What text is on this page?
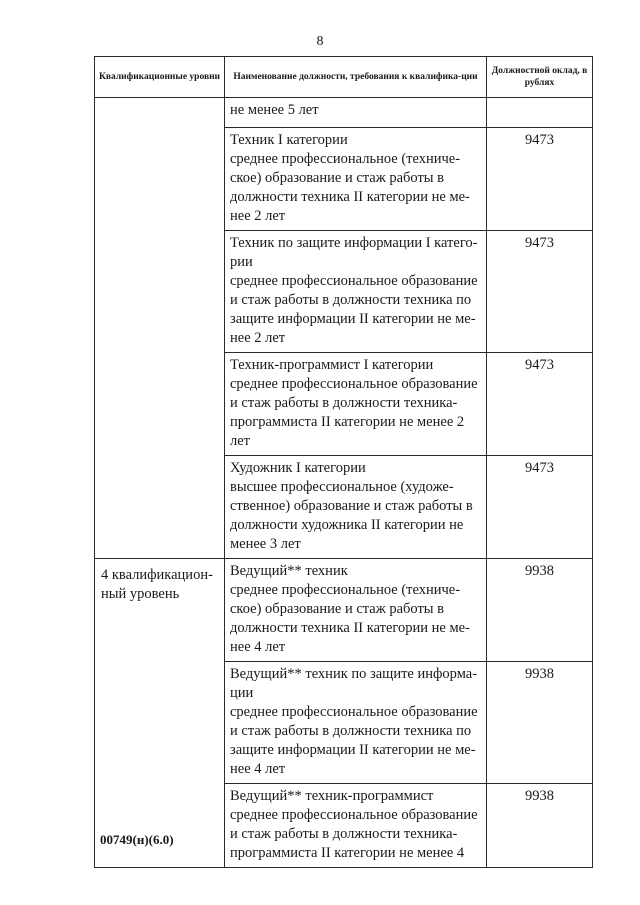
8
Квалификационные уровни	Наименование должности, требования к квалифика-ции	Должностной оклад, в рублях
	не менее 5 лет	
	Техник I категории
среднее профессиональное (техниче-ское) образование и стаж работы в должности техника II категории не ме-нее 2 лет	9473
	Техник по защите информации I катего-рии
среднее профессиональное образование и стаж работы в должности техника по защите информации II категории не ме-нее 2 лет	9473
	Техник-программист I категории
среднее профессиональное образование и стаж работы в должности техника-программиста II категории не менее 2 лет	9473
	Художник I категории
высшее профессиональное (художе-ственное) образование и стаж работы в должности художника II категории не менее 3 лет	9473
4 квалификацион-ный уровень	Ведущий** техник
среднее профессиональное (техниче-ское) образование и стаж работы в должности техника II категории не ме-нее 4 лет	9938
	Ведущий** техник по защите информа-ции
среднее профессиональное образование и стаж работы в должности техника по защите информации II категории не ме-нее 4 лет	9938
	Ведущий** техник-программист
среднее профессиональное образование и стаж работы в должности техника-программиста II категории не менее 4	9938
00749(н)(6.0)
